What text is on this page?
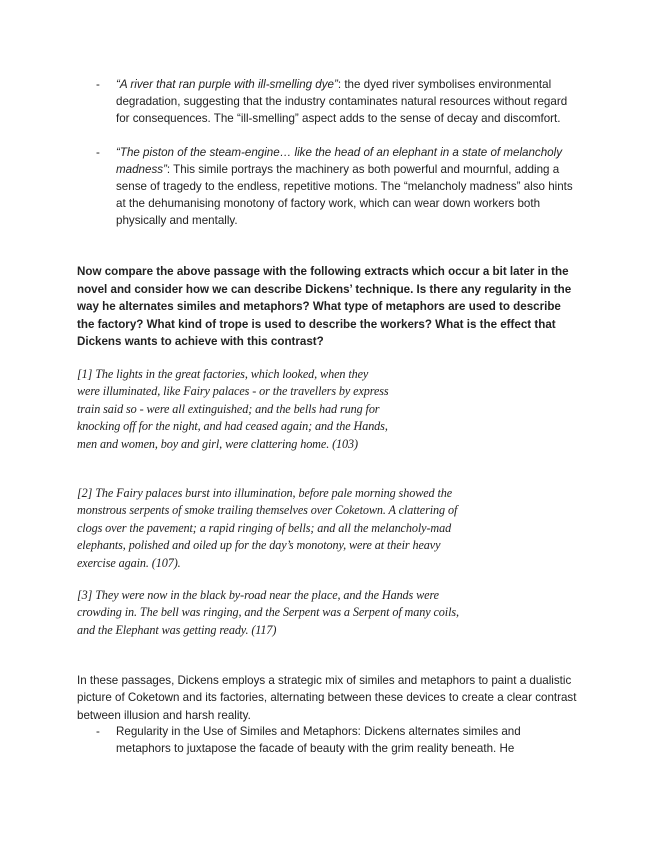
-	“A river that ran purple with ill-smelling dye”: the dyed river symbolises environmental degradation, suggesting that the industry contaminates natural resources without regard for consequences. The “ill-smelling” aspect adds to the sense of decay and discomfort.
-	“The piston of the steam-engine… like the head of an elephant in a state of melancholy madness”: This simile portrays the machinery as both powerful and mournful, adding a sense of tragedy to the endless, repetitive motions. The “melancholy madness” also hints at the dehumanising monotony of factory work, which can wear down workers both physically and mentally.
Now compare the above passage with the following extracts which occur a bit later in the novel and consider how we can describe Dickens’ technique. Is there any regularity in the way he alternates similes and metaphors? What type of metaphors are used to describe the factory? What kind of trope is used to describe the workers? What is the effect that Dickens wants to achieve with this contrast?
[1] The lights in the great factories, which looked, when they
were illuminated, like Fairy palaces - or the travellers by express
train said so - were all extinguished; and the bells had rung for
knocking off for the night, and had ceased again; and the Hands,
men and women, boy and girl, were clattering home. (103)
[2] The Fairy palaces burst into illumination, before pale morning showed the
monstrous serpents of smoke trailing themselves over Coketown. A clattering of
clogs over the pavement; a rapid ringing of bells; and all the melancholy-mad
elephants, polished and oiled up for the day’s monotony, were at their heavy
exercise again. (107).
[3] They were now in the black by-road near the place, and the Hands were
crowding in. The bell was ringing, and the Serpent was a Serpent of many coils,
and the Elephant was getting ready. (117)
In these passages, Dickens employs a strategic mix of similes and metaphors to paint a dualistic picture of Coketown and its factories, alternating between these devices to create a clear contrast between illusion and harsh reality.
-	Regularity in the Use of Similes and Metaphors: Dickens alternates similes and metaphors to juxtapose the facade of beauty with the grim reality beneath. He
